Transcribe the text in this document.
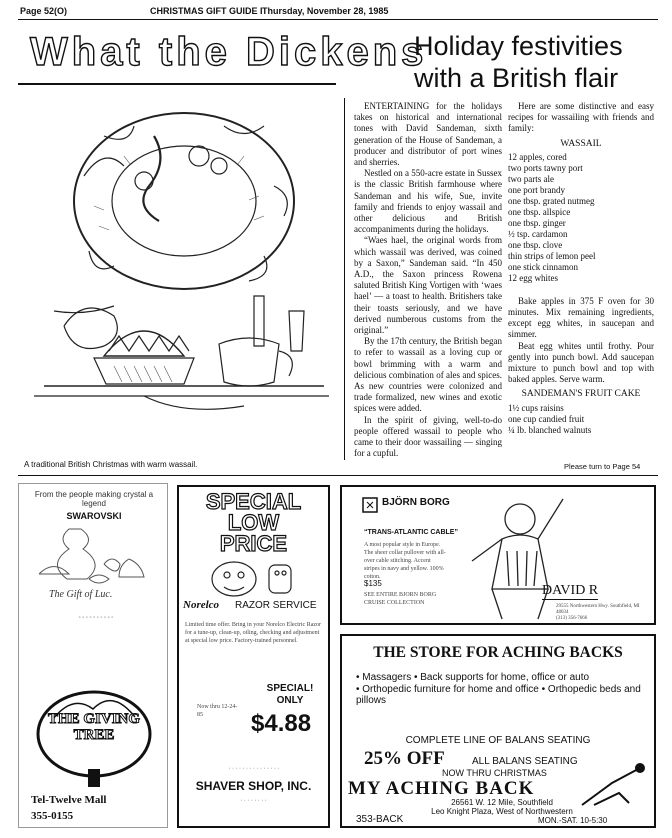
Page 52(O)	CHRISTMAS GIFT GUIDE I Thursday, November 28, 1985
What the Dickens
Holiday festivities
with a British flair
A traditional British Christmas with warm wassail.

ENTERTAINING for the holidays takes on historical and international tones with David Sandeman, sixth generation of the House of Sandeman, a producer and distributor of port wines and sherries.

Nestled on a 550-acre estate in Sussex is the classic British farmhouse where Sandeman and his wife, Sue, invite family and friends to enjoy wassail and other delicious and British accompaniments during the holidays.

“Waes hael, the original words from which wassail was derived, was coined by a Saxon,” Sandeman said. “In 450 A.D., the Saxon princess Rowena saluted British King Vortigen with ‘waes hael’ — a toast to health. Britishers take their toasts seriously, and we have derived numberous customs from the original.”

By the 17th century, the British began to refer to wassail as a loving cup or bowl brimming with a warm and delicious combination of ales and spices. As new countries were colonized and trade formalized, new wines and exotic spices were added.

In the spirit of giving, well-to-do people offered wassail to people who came to their door wassailing — singing for a cupful.

Here are some distinctive and easy recipes for wassailing with friends and family:

WASSAIL
12 apples, cored
two ports tawny port
two parts ale
one port brandy
one tbsp. grated nutmeg
one tbsp. allspice
one tbsp. ginger
½ tsp. cardamon
one tbsp. clove
thin strips of lemon peel
one stick cinnamon
12 egg whites

Bake apples in 375 F oven for 30 minutes. Mix remaining ingredients, except egg whites, in saucepan and simmer.

Beat egg whites until frothy. Pour gently into punch bowl. Add saucepan mixture to punch bowl and top with baked apples. Serve warm.

SANDEMAN'S FRUIT CAKE
1½ cups raisins
one cup candied fruit
¼ lb. blanched walnuts
Please turn to Page 54
From the people making crystal a legend
SWAROVSKI
The Gift of Luc.
◦ ◦ ◦ ◦ ◦ ◦ ◦ ◦ ◦ ◦
THE GIVING TREE
Tel-Twelve Mall
355-0155
SPECIAL
LOW
PRICE
Norelco RAZOR SERVICE
Limited time offer. Bring in your Norelco Electric Razor for a tune-up, clean-up, oiling, checking and adjustment at special low price. Factory-trained personnel.
SPECIAL! ONLY
Now thru 12-24-85	$4.88
· · · · · · · · · · · · · · ·
SHAVER SHOP, INC.
· · · · · · · ·
BJÖRN BORG
“TRANS-ATLANTIC CABLE”
A most popular style in Europe. The sheer collar pullover with all-over cable stitching. Accent stripes in navy and yellow. 100% cotton.
$135
SEE ENTIRE BJORN BORG CRUISE COLLECTION
DAVID R
29555 Northwestern Hwy. Southfield, MI 48034
(313) 356-7666
THE STORE FOR ACHING BACKS
• Massagers • Back supports for home, office or auto
• Orthopedic furniture for home and office • Orthopedic beds and pillows
COMPLETE LINE OF BALANS SEATING
25% OFF	ALL BALANS SEATING
NOW THRU CHRISTMAS
MY ACHING BACK
26561 W. 12 Mile, Southfield
Leo Knight Plaza, West of Northwestern
353-BACK	MON.-SAT. 10-5:30
